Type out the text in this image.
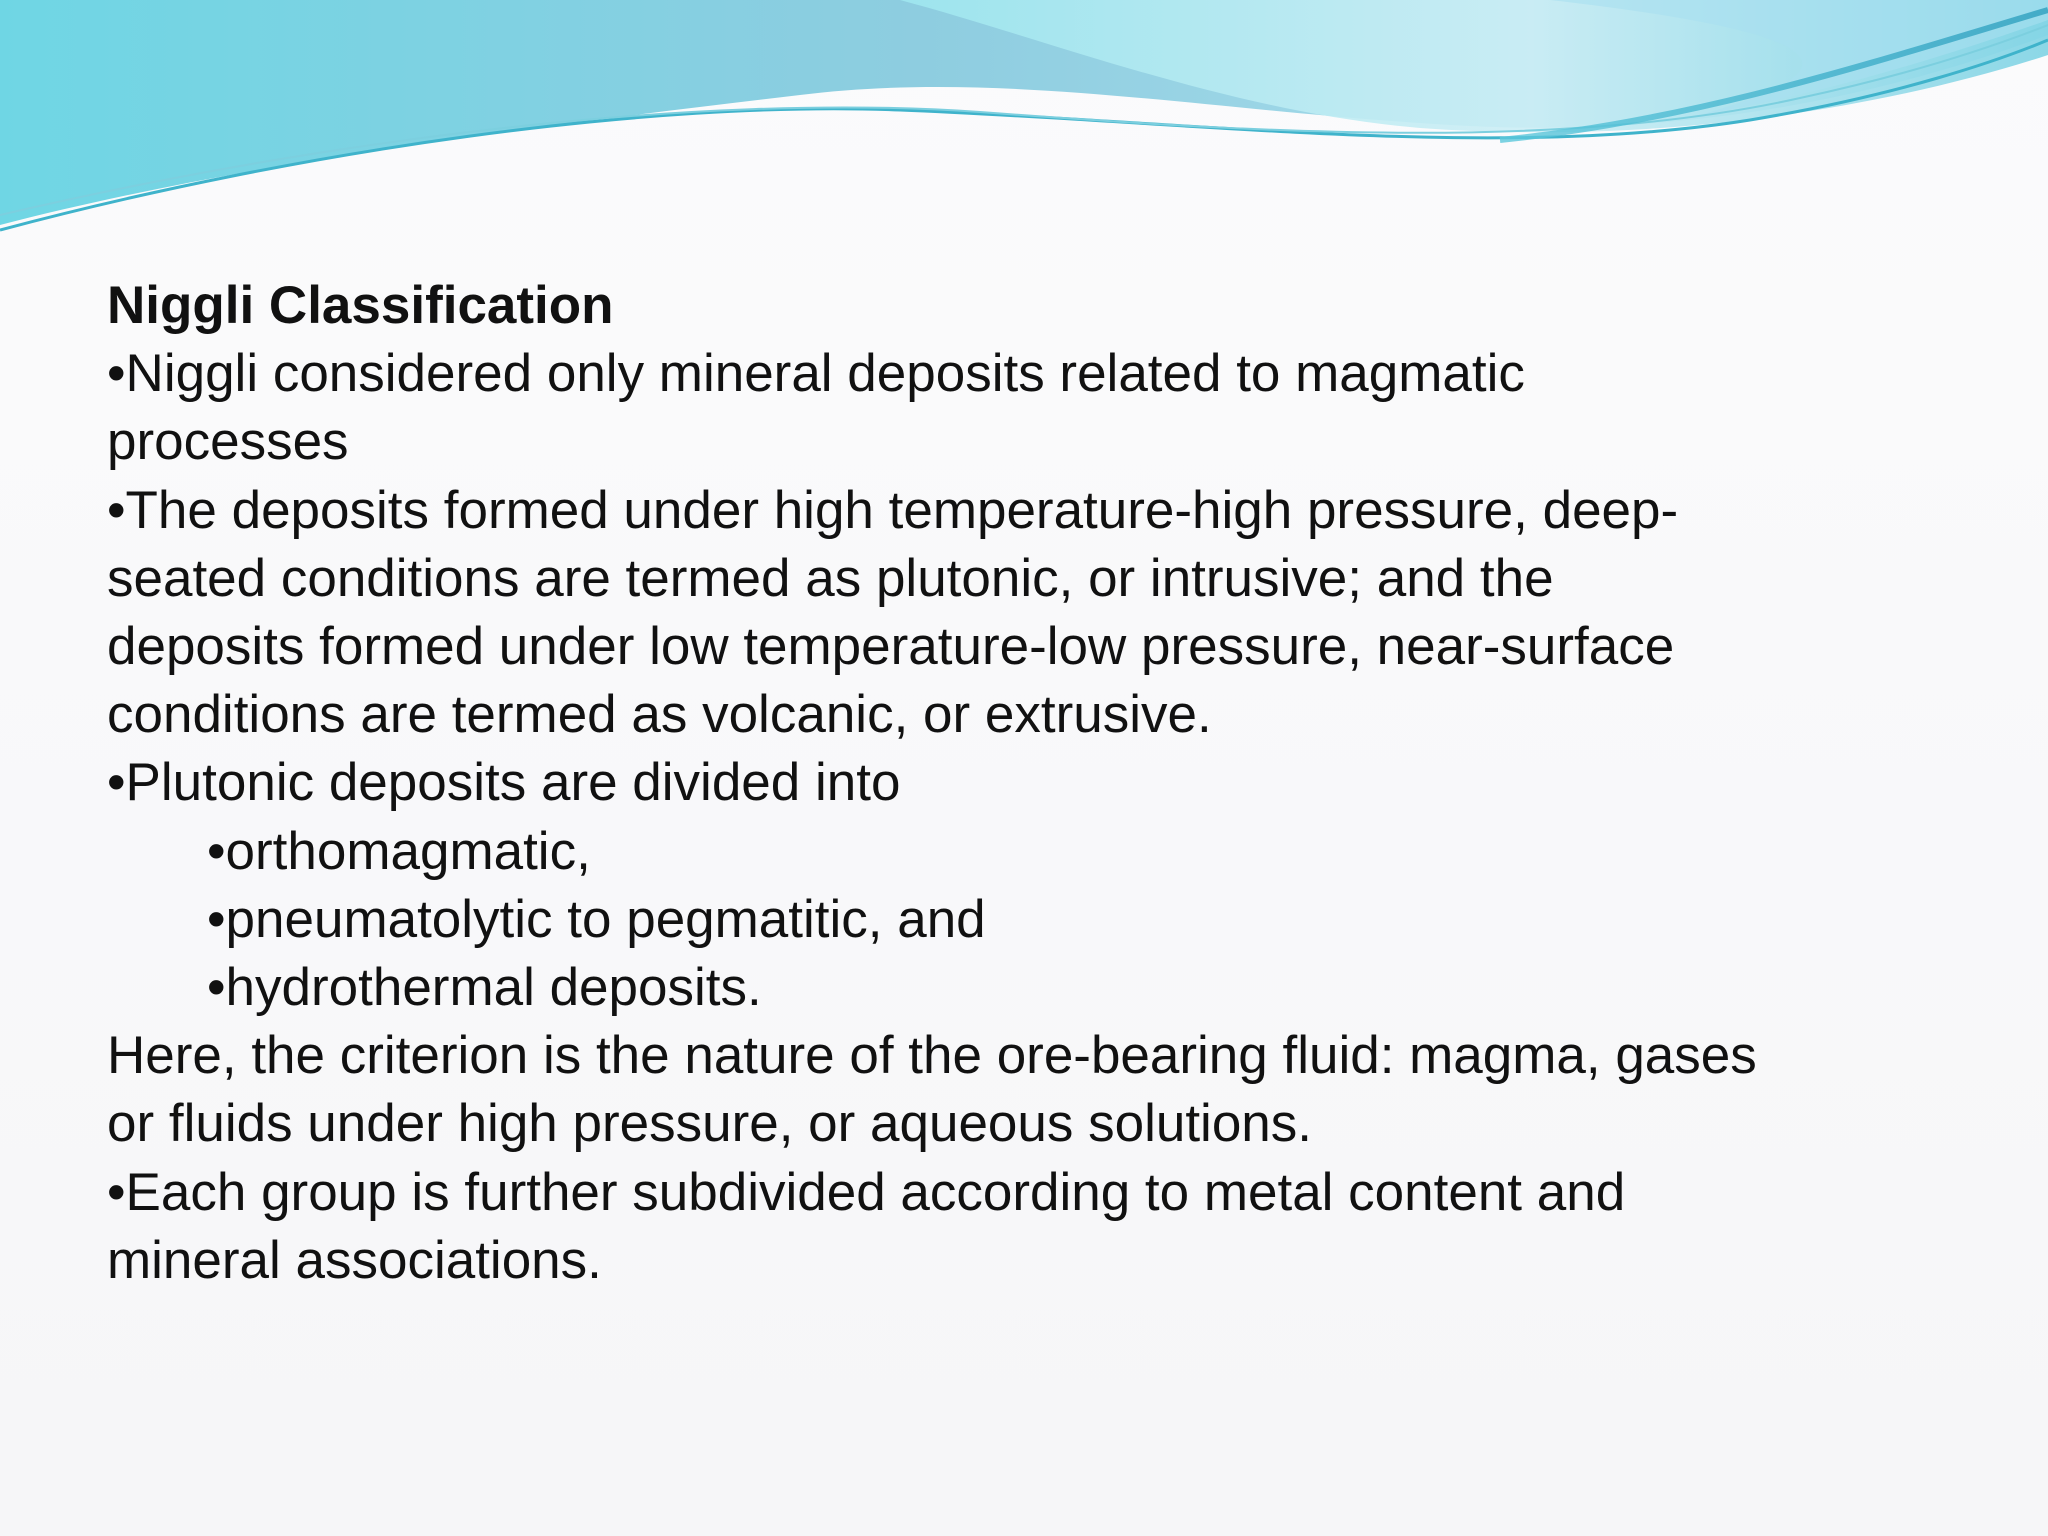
Niggli Classification

•Niggli considered only mineral deposits related to magmatic

processes

•The deposits formed under high temperature-high pressure, deep-

seated conditions are termed as plutonic, or intrusive; and the

deposits formed under low temperature-low pressure, near-surface

conditions are termed as volcanic, or extrusive.

•Plutonic deposits are divided into

•orthomagmatic,

•pneumatolytic to pegmatitic, and

•hydrothermal deposits.

Here, the criterion is the nature of the ore-bearing fluid: magma, gases

or fluids under high pressure, or aqueous solutions.

•Each group is further subdivided according to metal content and

mineral associations.
